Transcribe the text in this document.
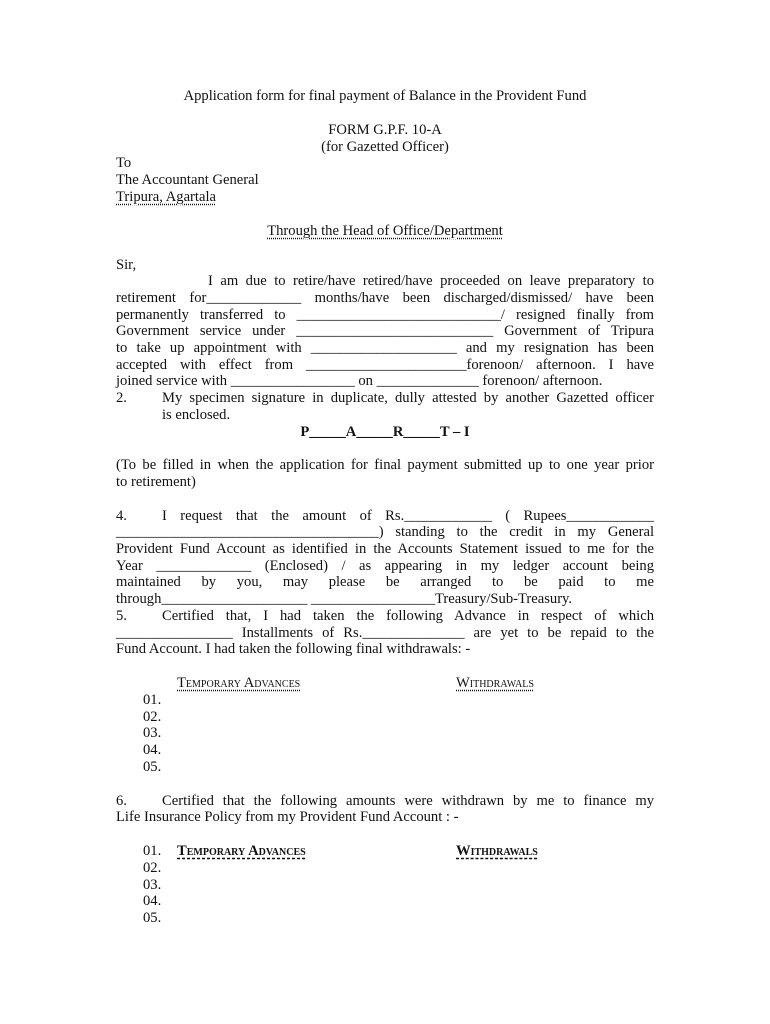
Application form for final payment of Balance in the Provident Fund
FORM G.P.F. 10-A
(for Gazetted Officer)
To
The Accountant General
Tripura, Agartala
Through the Head of Office/Department
Sir,
I am due to retire/have retired/have proceeded on leave preparatory to
retirement for_____________ months/have been discharged/dismissed/ have been
permanently transferred to ____________________________/ resigned finally from
Government service under ___________________________ Government of Tripura
to take up appointment with ____________________ and my resignation has been
accepted with effect from ______________________forenoon/ afternoon. I have
joined service with _________________ on ______________ forenoon/ afternoon.
2. My specimen signature in duplicate, dully attested by another Gazetted officer
is enclosed.
P_____A_____R_____T – I
(To be filled in when the application for final payment submitted up to one year prior
to retirement)
4. I request that the amount of Rs.____________ ( Rupees____________
____________________________________) standing to the credit in my General
Provident Fund Account as identified in the Accounts Statement issued to me for the
Year _____________ (Enclosed) / as appearing in my ledger account being
maintained by you, may please be arranged to be paid to me
through____________________ _________________Treasury/Sub-Treasury.
5. Certified that, I had taken the following Advance in respect of which
________________ Installments of Rs.______________ are yet to be repaid to the
Fund Account. I had taken the following final withdrawals: -
Temporary Advances	Withdrawals
01.
02.
03.
04.
05.
6. Certified that the following amounts were withdrawn by me to finance my
Life Insurance Policy from my Provident Fund Account : -
01. Temporary Advances	Withdrawals
02.
03.
04.
05.
